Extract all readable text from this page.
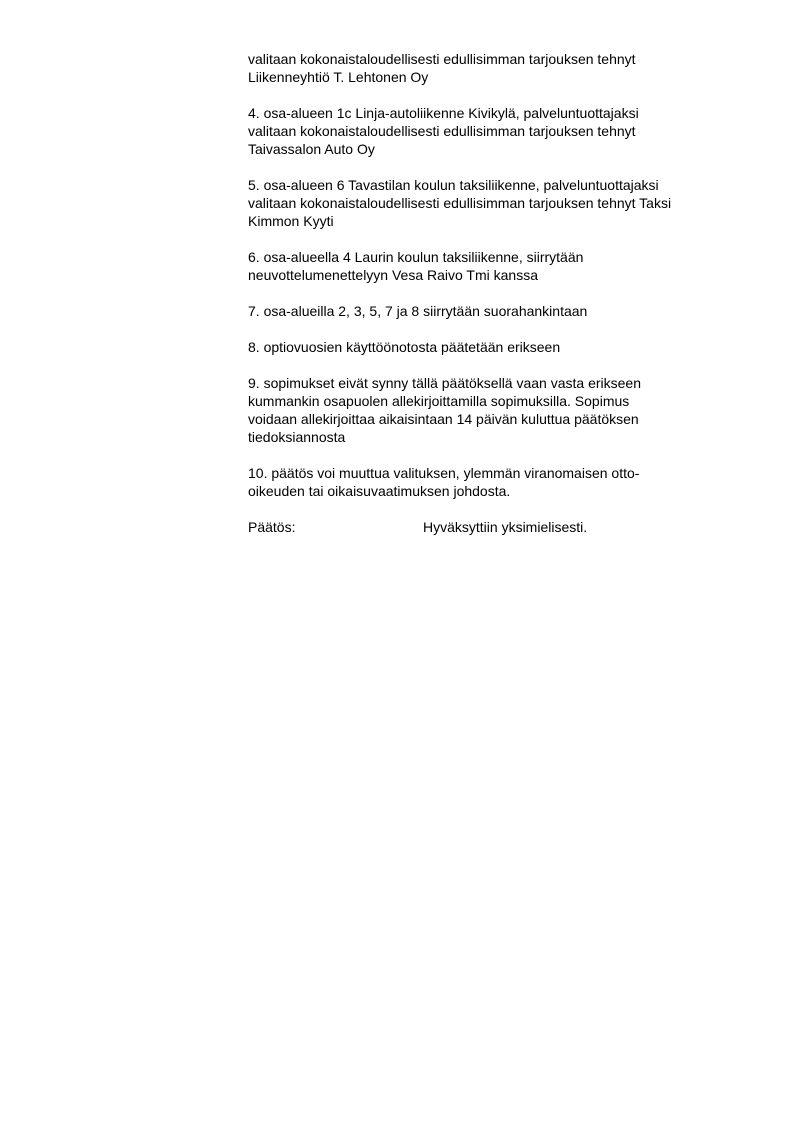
valitaan kokonaistaloudellisesti edullisimman tarjouksen tehnyt
Liikenneyhtiö T. Lehtonen Oy

4. osa-alueen 1c Linja-autoliikenne Kivikylä, palveluntuottajaksi
valitaan kokonaistaloudellisesti edullisimman tarjouksen tehnyt
Taivassalon Auto Oy

5. osa-alueen 6 Tavastilan koulun taksiliikenne, palveluntuottajaksi
valitaan kokonaistaloudellisesti edullisimman tarjouksen tehnyt Taksi
Kimmon Kyyti

6. osa-alueella 4 Laurin koulun taksiliikenne, siirrytään
neuvottelumenettelyyn Vesa Raivo Tmi kanssa

7. osa-alueilla 2, 3, 5, 7 ja 8 siirrytään suorahankintaan

8. optiovuosien käyttöönotosta päätetään erikseen

9. sopimukset eivät synny tällä päätöksellä vaan vasta erikseen
kummankin osapuolen allekirjoittamilla sopimuksilla. Sopimus
voidaan allekirjoittaa aikaisintaan 14 päivän kuluttua päätöksen
tiedoksiannosta

10. päätös voi muuttua valituksen, ylemmän viranomaisen otto-
oikeuden tai oikaisuvaatimuksen johdosta.

Päätös:	Hyväksyttiin yksimielisesti.
